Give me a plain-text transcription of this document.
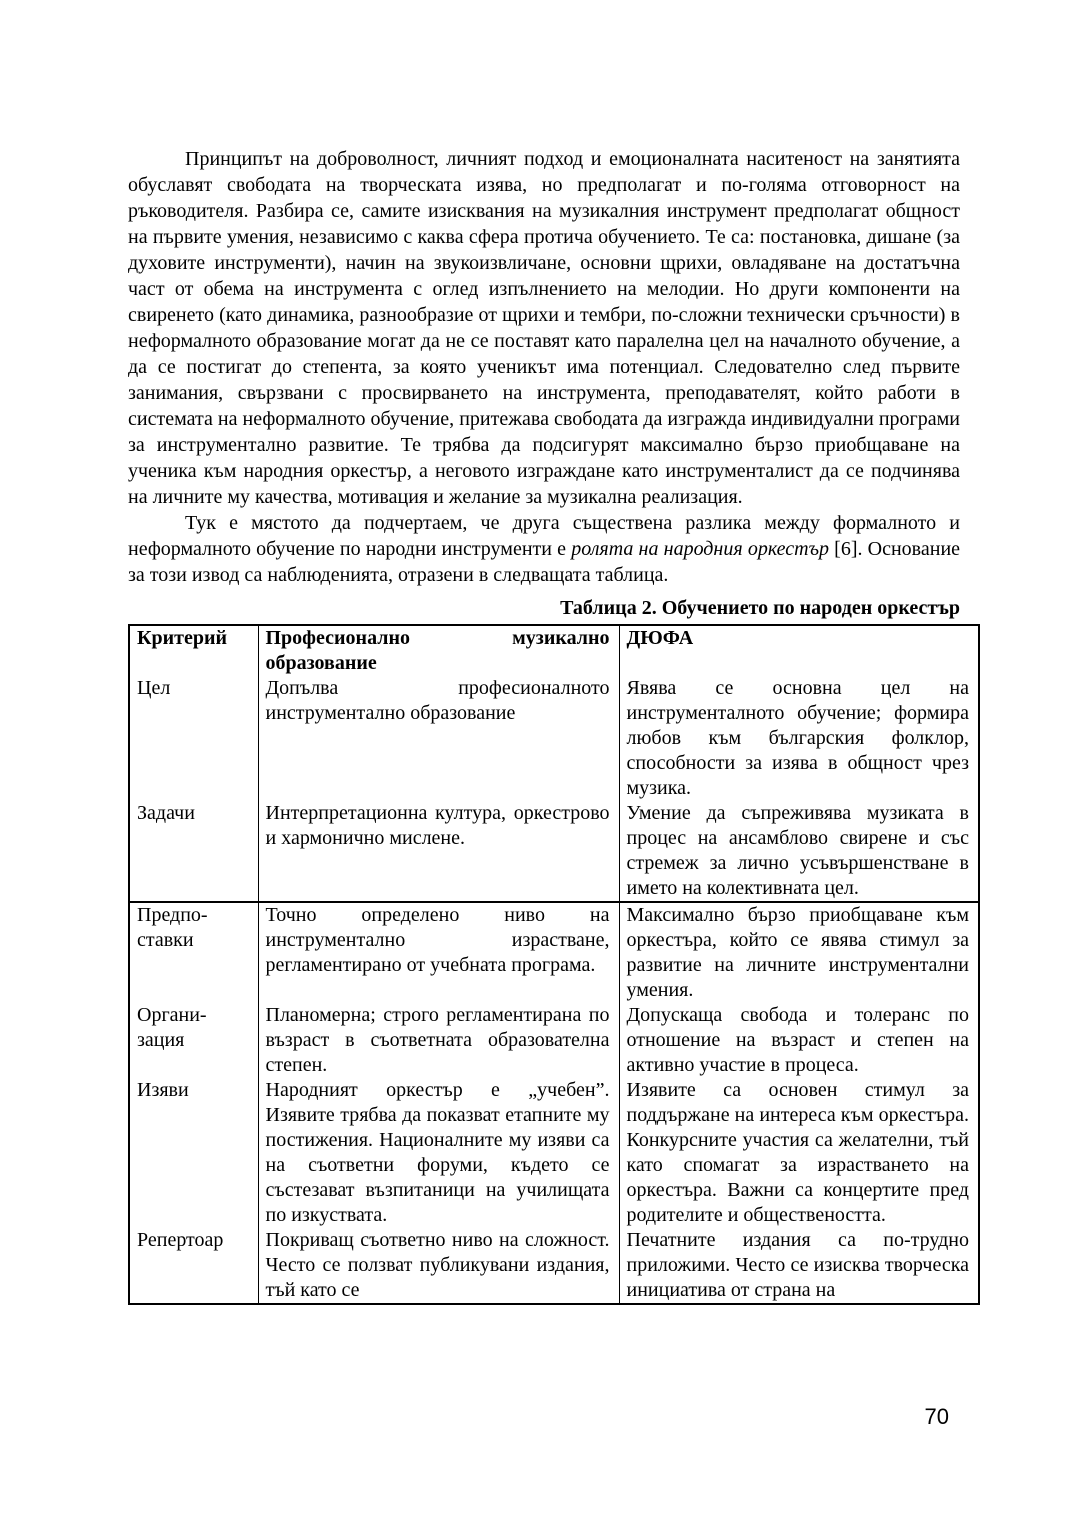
Принципът на доброволност, личният подход и емоционалната наситеност на занятията обуславят свободата на творческата изява, но предполагат и по-голяма отговорност на ръководителя. Разбира се, самите изисквания на музикалния инструмент предполагат общност на първите умения, независимо с каква сфера протича обучението. Те са: постановка, дишане (за духовите инструменти), начин на звукоизвличане, основни щрихи, овладяване на достатъчна част от обема на инструмента с оглед изпълнението на мелодии. Но други компоненти на свиренето (като динамика, разнообразие от щрихи и тембри, по-сложни технически сръчности) в неформалното образование могат да не се поставят като паралелна цел на началното обучение, а да се постигат до степента, за която ученикът има потенциал. Следователно след първите занимания, свързвани с просвирването на инструмента, преподавателят, който работи в системата на неформалното обучение, притежава свободата да изгражда индивидуални програми за инструментално развитие. Те трябва да подсигурят максимално бързо приобщаване на ученика към народния оркестър, а неговото изграждане като инструменталист да се подчинява на личните му качества, мотивация и желание за музикална реализация.

Тук е мястото да подчертаем, че друга съществена разлика между формалното и неформалното обучение по народни инструменти е ролята на народния оркестър [6]. Основание за този извод са наблюденията, отразени в следващата таблица.

Таблица 2. Обучението по народен оркестър
Критерий	Професионално музикално образование	ДЮФА
Цел	Допълва професионалното инструментално образование	Явява се основна цел на инструменталното обучение; формира любов към българския фолклор, способности за изява в общност чрез музика.
Задачи	Интерпретационна култура, оркестрово и хармонично мислене.	Умение да съпреживява музиката в процес на ансамблово свирене и със стремеж за лично усъвършенстване в името на колективната цел.
Предпо-ставки	Точно определено ниво на инструментално израстване, регламентирано от учебната програма.	Максимално бързо приобщаване към оркестъра, който се явява стимул за развитие на личните инструментални умения.
Органи-зация	Планомерна; строго регламентирана по възраст в съответната образователна степен.	Допускаща свобода и толеранс по отношение на възраст и степен на активно участие в процеса.
Изяви	Народният оркестър е „учебен”. Изявите трябва да показват етапните му постижения. Националните му изяви са на съответни форуми, където се състезават възпитаници на училищата по изкуствата.	Изявите са основен стимул за поддържане на интереса към оркестъра. Конкурсните участия са желателни, тъй като спомагат за израстването на оркестъра. Важни са концертите пред родителите и обществеността.
Репертоар	Покриващ съответно ниво на сложност. Често се ползват публикувани издания, тъй като се	Печатните издания са по-трудно приложими. Често се изисква творческа инициатива от страна на
70
